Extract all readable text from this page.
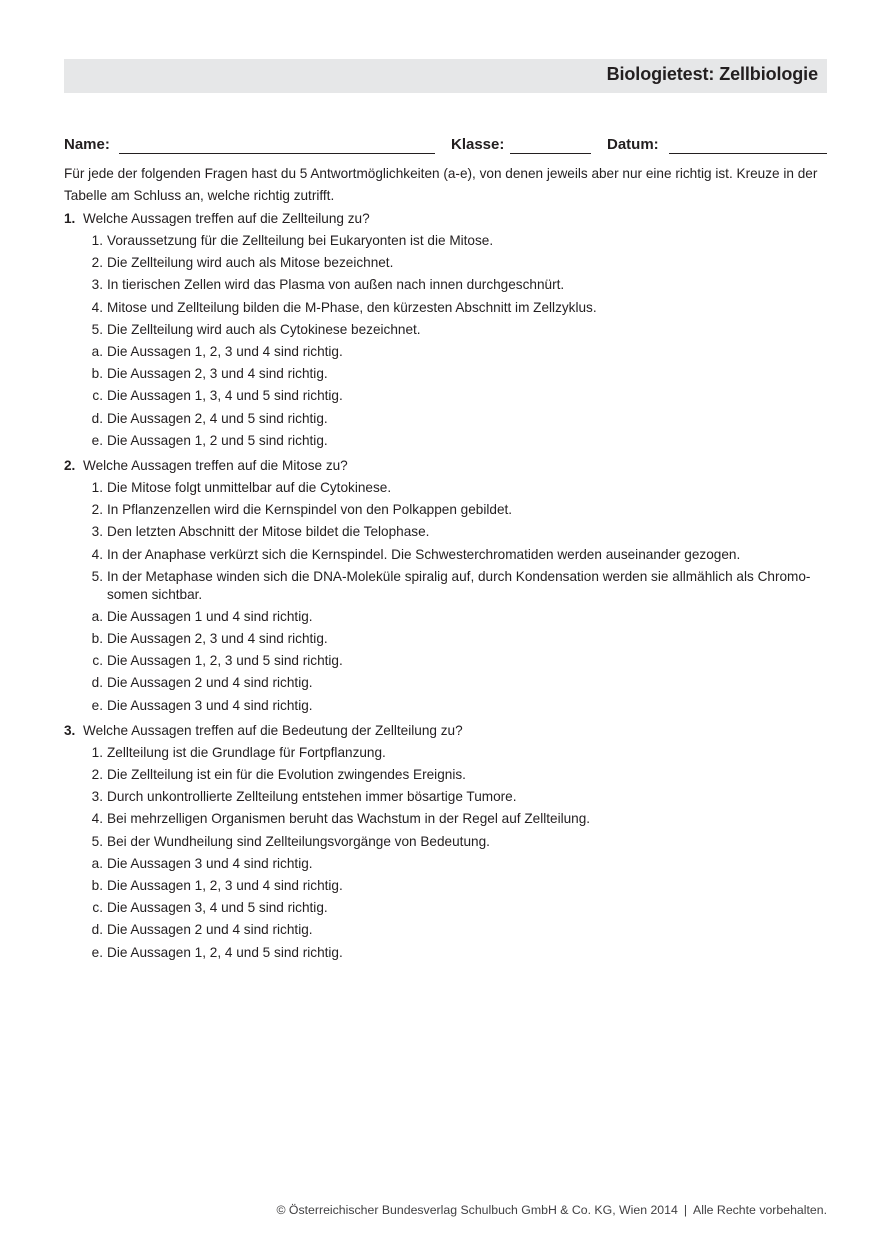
Biologietest: Zellbiologie
Name:	Klasse:	Datum:

Für jede der folgenden Fragen hast du 5 Antwortmöglichkeiten (a-e), von denen jeweils aber nur eine richtig ist. Kreuze in der Tabelle am Schluss an, welche richtig zutrifft.

1. Welche Aussagen treffen auf die Zellteilung zu?
1. Voraussetzung für die Zellteilung bei Eukaryonten ist die Mitose.
2. Die Zellteilung wird auch als Mitose bezeichnet.
3. In tierischen Zellen wird das Plasma von außen nach innen durchgeschnürt.
4. Mitose und Zellteilung bilden die M-Phase, den kürzesten Abschnitt im Zellzyklus.
5. Die Zellteilung wird auch als Cytokinese bezeichnet.
a. Die Aussagen 1, 2, 3 und 4 sind richtig.
b. Die Aussagen 2, 3 und 4 sind richtig.
c. Die Aussagen 1, 3, 4 und 5 sind richtig.
d. Die Aussagen 2, 4 und 5 sind richtig.
e. Die Aussagen 1, 2 und 5 sind richtig.
2. Welche Aussagen treffen auf die Mitose zu?
1. Die Mitose folgt unmittelbar auf die Cytokinese.
2. In Pflanzenzellen wird die Kernspindel von den Polkappen gebildet.
3. Den letzten Abschnitt der Mitose bildet die Telophase.
4. In der Anaphase verkürzt sich die Kernspindel. Die Schwesterchromatiden werden auseinander gezogen.
5. In der Metaphase winden sich die DNA-Moleküle spiralig auf, durch Kondensation werden sie allmählich als Chromo-
somen sichtbar.
a. Die Aussagen 1 und 4 sind richtig.
b. Die Aussagen 2, 3 und 4 sind richtig.
c. Die Aussagen 1, 2, 3 und 5 sind richtig.
d. Die Aussagen 2 und 4 sind richtig.
e. Die Aussagen 3 und 4 sind richtig.
3. Welche Aussagen treffen auf die Bedeutung der Zellteilung zu?
1. Zellteilung ist die Grundlage für Fortpflanzung.
2. Die Zellteilung ist ein für die Evolution zwingendes Ereignis.
3. Durch unkontrollierte Zellteilung entstehen immer bösartige Tumore.
4. Bei mehrzelligen Organismen beruht das Wachstum in der Regel auf Zellteilung.
5. Bei der Wundheilung sind Zellteilungsvorgänge von Bedeutung.
a. Die Aussagen 3 und 4 sind richtig.
b. Die Aussagen 1, 2, 3 und 4 sind richtig.
c. Die Aussagen 3, 4 und 5 sind richtig.
d. Die Aussagen 2 und 4 sind richtig.
e. Die Aussagen 1, 2, 4 und 5 sind richtig.
© Österreichischer Bundesverlag Schulbuch GmbH & Co. KG, Wien 2014 | Alle Rechte vorbehalten.
